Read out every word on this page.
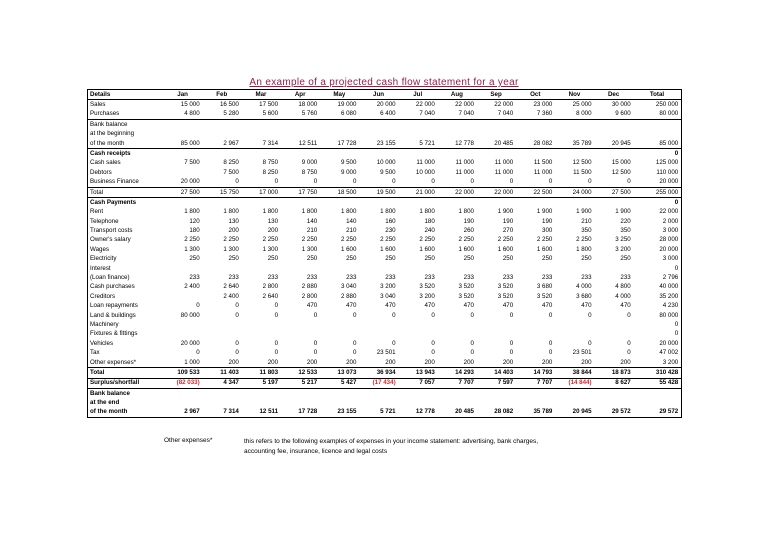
An example of a projected cash flow statement for a year
Details	Jan	Feb	Mar	Apr	May	Jun	Jul	Aug	Sep	Oct	Nov	Dec	Total
Sales	15 000	16 500	17 500	18 000	19 000	20 000	22 000	22 000	22 000	23 000	25 000	30 000	250 000
Purchases	4 800	5 280	5 600	5 760	6 080	6 400	7 040	7 040	7 040	7 360	8 000	9 600	80 000
Bank balance													
at the beginning													
of the month	85 000	2 967	7 314	12 511	17 728	23 155	5 721	12 778	20 485	28 082	35 789	20 945	85 000
Cash receipts													0
Cash sales	7 500	8 250	8 750	9 000	9 500	10 000	11 000	11 000	11 000	11 500	12 500	15 000	125 000
Debtors		7 500	8 250	8 750	9 000	9 500	10 000	11 000	11 000	11 000	11 500	12 500	110 000
Business Finance	20 000	0	0	0	0	0	0	0	0	0	0	0	20 000
Total	27 500	15 750	17 000	17 750	18 500	19 500	21 000	22 000	22 000	22 500	24 000	27 500	255 000
Cash Payments													0
Rent	1 800	1 800	1 800	1 800	1 800	1 800	1 800	1 800	1 900	1 900	1 900	1 900	22 000
Telephone	120	130	130	140	140	160	180	190	190	190	210	220	2 000
Transport costs	180	200	200	210	210	230	240	260	270	300	350	350	3 000
Owner's salary	2 250	2 250	2 250	2 250	2 250	2 250	2 250	2 250	2 250	2 250	2 250	3 250	28 000
Wages	1 300	1 300	1 300	1 300	1 600	1 600	1 600	1 600	1 600	1 600	1 800	3 200	20 000
Electricity	250	250	250	250	250	250	250	250	250	250	250	250	3 000
Interest													0
(Loan finance)	233	233	233	233	233	233	233	233	233	233	233	233	2 796
Cash purchases	2 400	2 640	2 800	2 880	3 040	3 200	3 520	3 520	3 520	3 680	4 000	4 800	40 000
Creditors		2 400	2 640	2 800	2 880	3 040	3 200	3 520	3 520	3 520	3 680	4 000	35 200
Loan repayments	0	0	0	470	470	470	470	470	470	470	470	470	4 230
Land & buildings	80 000	0	0	0	0	0	0	0	0	0	0	0	80 000
Machinery													0
Fixtures & fittings													0
Vehicles	20 000	0	0	0	0	0	0	0	0	0	0	0	20 000
Tax	0	0	0	0	0	23 501	0	0	0	0	23 501	0	47 002
Other expenses*	1 000	200	200	200	200	200	200	200	200	200	200	200	3 200
Total	109 533	11 403	11 803	12 533	13 073	36 934	13 943	14 293	14 403	14 793	38 844	18 873	310 428
Surplus/shortfall	(82 033)	4 347	5 197	5 217	5 427	(17 434)	7 057	7 707	7 597	7 707	(14 844)	8 627	55 428
Bank balance													
at the end													
of the month	2 967	7 314	12 511	17 728	23 155	5 721	12 778	20 485	28 082	35 789	20 945	29 572	29 572
Other expenses*	this refers to the following examples of expenses in your income statement: advertising, bank charges, accounting fee, insurance, licence and legal costs
